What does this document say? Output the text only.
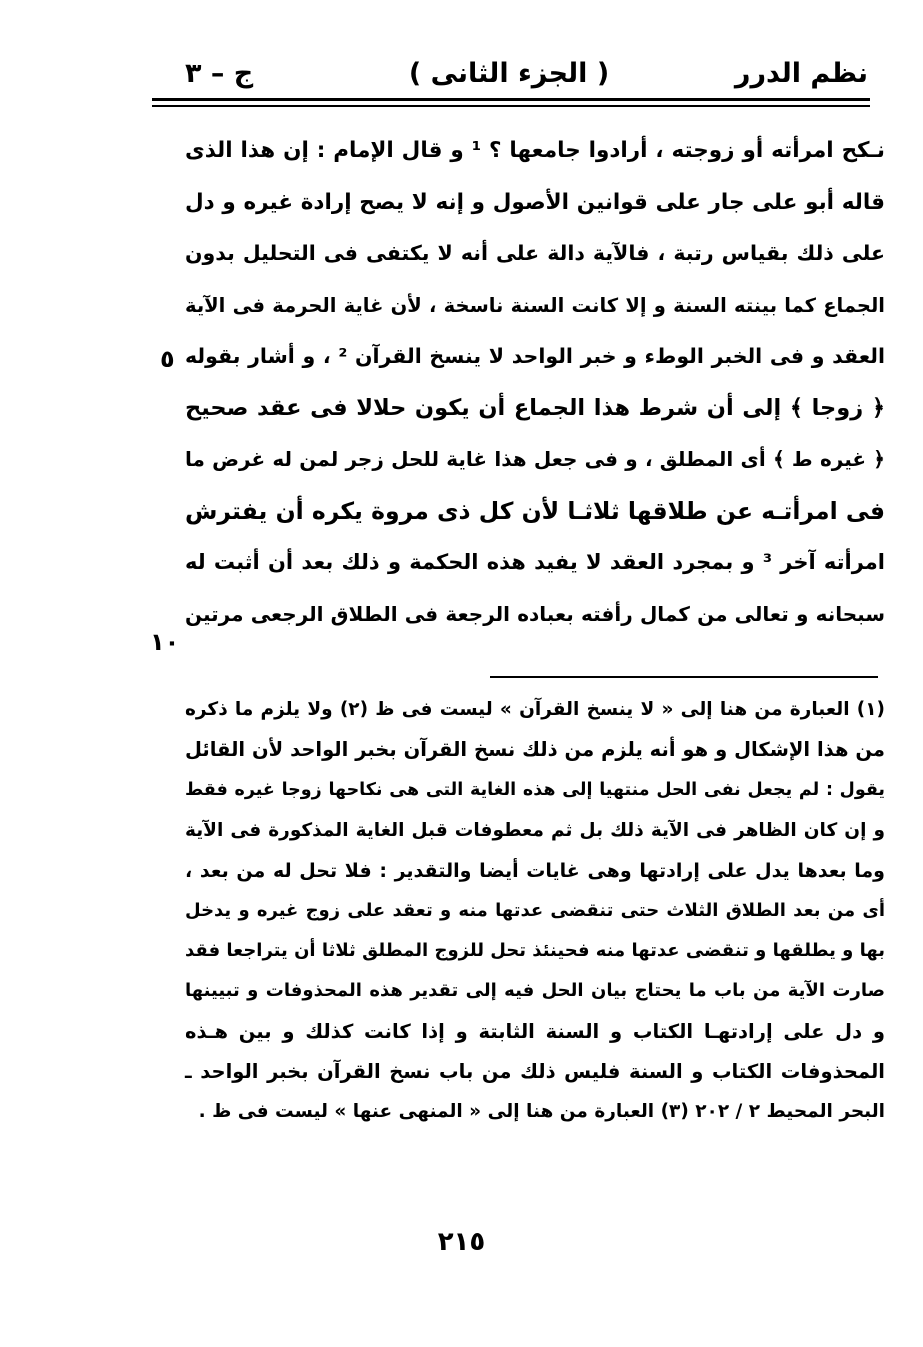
نظم الدرر
( الجزء الثانى )
ج – ٣
نـكح امرأته أو زوجته ، أرادوا جامعها ؟ ¹ و قال الإمام : إن هذا الذى
قاله أبو على جار على قوانين الأصول و إنه لا يصح إرادة غيره و دل
على ذلك بقياس رتبة ، فالآية دالة على أنه لا يكتفى فى التحليل بدون
الجماع كما بينته السنة و إلا كانت السنة ناسخة ، لأن غاية الحرمة فى الآية
العقد و فى الخبر الوطء و خبر الواحد لا ينسخ القرآن ² ، و أشار بقوله
﴿ زوجا ﴾ إلى أن شرط هذا الجماع أن يكون حلالا فى عقد صحيح
﴿ غيره ط ﴾ أى المطلق ، و فى جعل هذا غاية للحل زجر لمن له غرض ما
فى امرأتـه عن طلاقها ثلاثـا لأن كل ذى مروة يكره أن يفترش
امرأته آخر ³ و بمجرد العقد لا يفيد هذه الحكمة و ذلك بعد أن أثبت له
سبحانه و تعالى من كمال رأفته بعباده الرجعة فى الطلاق الرجعى مرتين
٥
١٠
(١) العبارة من هنا إلى « لا ينسخ القرآن » ليست فى ظ (٢) ولا يلزم ما ذكره
من هذا الإشكال و هو أنه يلزم من ذلك نسخ القرآن بخبر الواحد لأن القائل
يقول : لم يجعل نفى الحل منتهيا إلى هذه الغاية التى هى نكاحها زوجا غيره فقط
و إن كان الظاهر فى الآية ذلك بل ثم معطوفات قبل الغاية المذكورة فى الآية
وما بعدها يدل على إرادتها وهى غايات أيضا والتقدير : فلا تحل له من بعد ،
أى من بعد الطلاق الثلاث حتى تنقضى عدتها منه و تعقد على زوج غيره و يدخل
بها و يطلقها و تنقضى عدتها منه فحينئذ تحل للزوج المطلق ثلاثا أن يتراجعا فقد
صارت الآية من باب ما يحتاج بيان الحل فيه إلى تقدير هذه المحذوفات و تبيينها
و دل على إرادتهـا الكتاب و السنة الثابتة و إذا كانت كذلك و بين هـذه
المحذوفات الكتاب و السنة فليس ذلك من باب نسخ القرآن بخبر الواحد ـ
البحر المحيط ٢ / ٢٠٢ (٣) العبارة من هنا إلى « المنهى عنها » ليست فى ظ .
٢١٥
